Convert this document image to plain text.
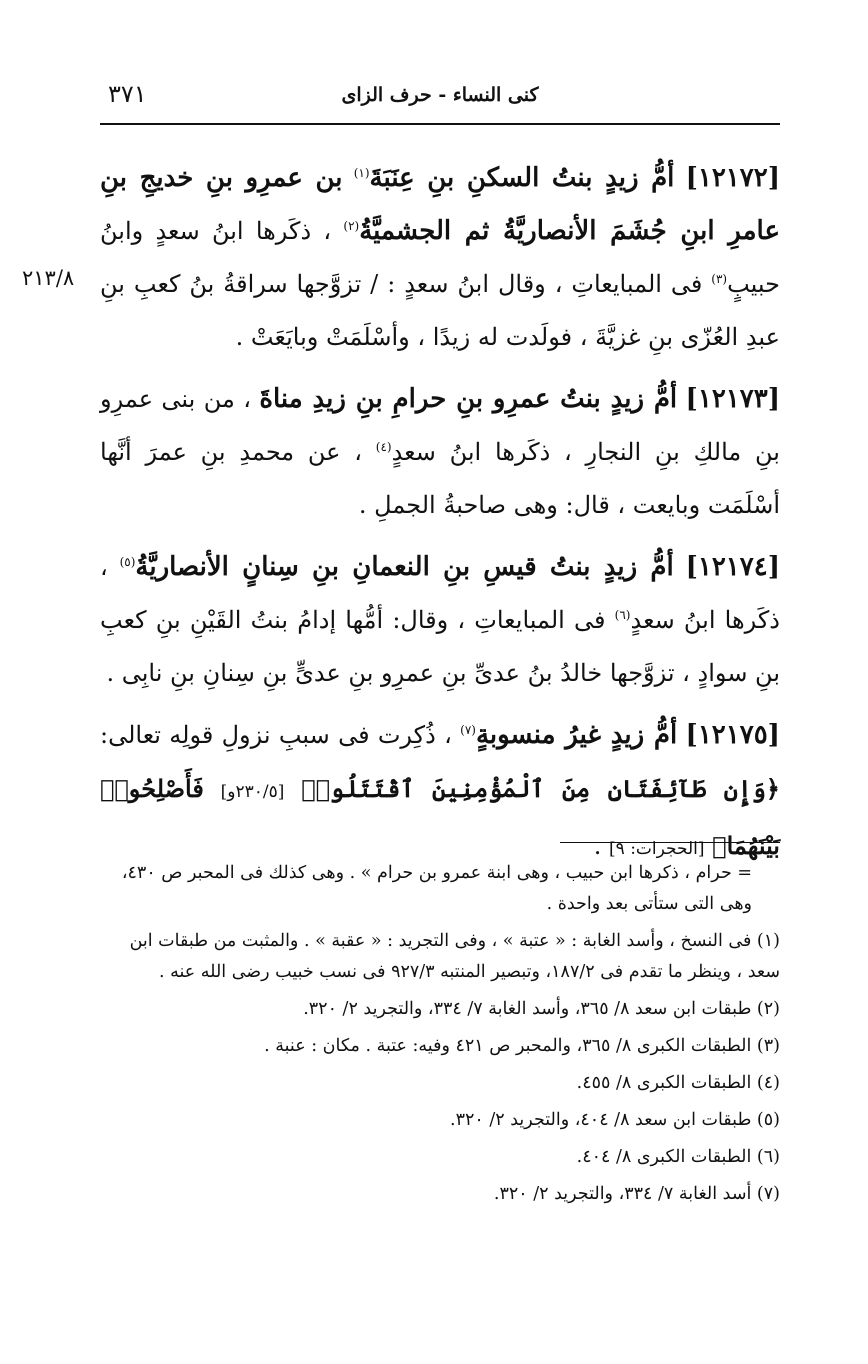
كنى النساء - حرف الزاى
٣٧١
٢١٣/٨

[١٢١٧٢] أمُّ زيدٍ بنتُ السكنِ بنِ عِنَبَةَ$^{(١)}$ بن عمرِو بنِ خديجِ بنِ عامرِ ابنِ جُشَمَ الأنصاريَّةُ ثم الجشميَّةُ$^{(٢)}$ ، ذكَرها ابنُ سعدٍ وابنُ حبيبٍ$^{(٣)}$ فى المبايعاتِ ، وقال ابنُ سعدٍ : / تزوَّجها سراقةُ بنُ كعبِ بنِ عبدِ العُزّى بنِ غزيَّةَ ، فولَدت له زيدًا ، وأسْلَمَتْ وبايَعَتْ .

[١٢١٧٣] أمُّ زيدٍ بنتُ عمرِو بنِ حرامِ بنِ زيدِ مناةَ ، من بنى عمرِو بنِ مالكِ بنِ النجارِ ، ذكَرها ابنُ سعدٍ$^{(٤)}$ ، عن محمدِ بنِ عمرَ أنَّها أسْلَمَت وبايعت ، قال: وهى صاحبةُ الجملِ .

[١٢١٧٤] أمُّ زيدٍ بنتُ قيسِ بنِ النعمانِ بنِ سِنانٍ الأنصاريَّةُ$^{(٥)}$ ، ذكَرها ابنُ سعدٍ$^{(٦)}$ فى المبايعاتِ ، وقال: أمُّها إدامُ بنتُ القَيْنِ بنِ كعبِ بنِ سوادٍ ، تزوَّجها خالدُ بنُ عدىِّ بنِ عمرِو بنِ عدىٍّ بنِ سِنانِ بنِ نابِى .

[١٢١٧٥] أمُّ زيدٍ غيرُ منسوبةٍ$^{(٧)}$ ، ذُكِرت فى سببِ نزولِ قولِه تعالى: ﴿وَإِن طَآئِفَتَانِ مِنَ ٱلْمُؤْمِنِينَ ٱقْتَتَلُوا۟ [٢٣٠/٥و] فَأَصْلِحُوا۟ بَيْنَهُمَا﴾ [الحجرات: ٩] .

= حرام ، ذكرها ابن حبيب ، وهى ابنة عمرو بن حرام » . وهى كذلك فى المحبر ص ٤٣٠، وهى التى ستأتى بعد واحدة .

(١) فى النسخ ، وأسد الغابة : « عتبة » ، وفى التجريد : « عقبة » . والمثبت من طبقات ابن سعد ، وينظر ما تقدم فى ١٨٧/٢، وتبصير المنتبه ٩٢٧/٣ فى نسب خبيب رضى الله عنه .

(٢) طبقات ابن سعد ٨/ ٣٦٥، وأسد الغابة ٧/ ٣٣٤، والتجريد ٢/ ٣٢٠.

(٣) الطبقات الكبرى ٨/ ٣٦٥، والمحبر ص ٤٢١ وفيه: عتبة . مكان : عنبة .

(٤) الطبقات الكبرى ٨/ ٤٥٥.

(٥) طبقات ابن سعد ٨/ ٤٠٤، والتجريد ٢/ ٣٢٠.

(٦) الطبقات الكبرى ٨/ ٤٠٤.

(٧) أسد الغابة ٧/ ٣٣٤، والتجريد ٢/ ٣٢٠.
